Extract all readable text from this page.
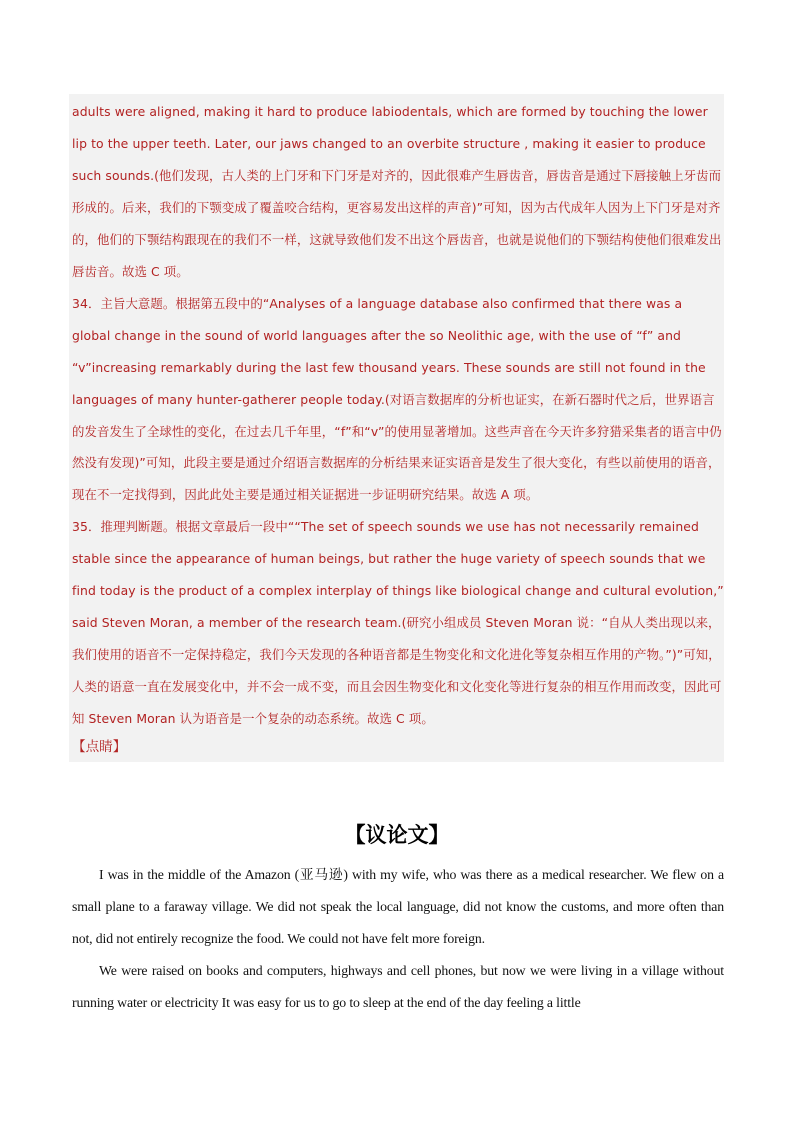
adults were aligned, making it hard to produce labiodentals, which are formed by touching the lower lip to the upper teeth. Later, our jaws changed to an overbite structure , making it easier to produce such sounds.(他们发现，古人类的上门牙和下门牙是对齐的，因此很难产生唇齿音，唇齿音是通过下唇接触上牙齿而形成的。后来，我们的下颚变成了覆盖咬合结构，更容易发出这样的声音)”可知，因为古代成年人因为上下门牙是对齐的，他们的下颚结构跟现在的我们不一样，这就导致他们发不出这个唇齿音，也就是说他们的下颚结构使他们很难发出唇齿音。故选 C 项。

34．主旨大意题。根据第五段中的“Analyses of a language database also confirmed that there was a global change in the sound of world languages after the so Neolithic age, with the use of “f” and “v”increasing remarkably during the last few thousand years. These sounds are still not found in the languages of many hunter-gatherer people today.(对语言数据库的分析也证实，在新石器时代之后，世界语言的发音发生了全球性的变化，在过去几千年里，“f”和“v”的使用显著增加。这些声音在今天许多狩猎采集者的语言中仍然没有发现)”可知，此段主要是通过介绍语言数据库的分析结果来证实语音是发生了很大变化，有些以前使用的语音，现在不一定找得到，因此此处主要是通过相关证据进一步证明研究结果。故选 A 项。

35．推理判断题。根据文章最后一段中““The set of speech sounds we use has not necessarily remained stable since the appearance of human beings, but rather the huge variety of speech sounds that we find today is the product of a complex interplay of things like biological change and cultural evolution,” said Steven Moran, a member of the research team.(研究小组成员 Steven Moran 说：“自从人类出现以来，我们使用的语音不一定保持稳定，我们今天发现的各种语音都是生物变化和文化进化等复杂相互作用的产物。”)”可知，人类的语意一直在发展变化中，并不会一成不变，而且会因生物变化和文化变化等进行复杂的相互作用而改变，因此可知 Steven Moran 认为语音是一个复杂的动态系统。故选 C 项。

【点睛】
【议论文】

I was in the middle of the Amazon (亚马逊) with my wife, who was there as a medical researcher. We flew on a small plane to a faraway village. We did not speak the local language, did not know the customs, and more often than not, did not entirely recognize the food. We could not have felt more foreign.

We were raised on books and computers, highways and cell phones, but now we were living in a village without running water or electricity It was easy for us to go to sleep at the end of the day feeling a little
